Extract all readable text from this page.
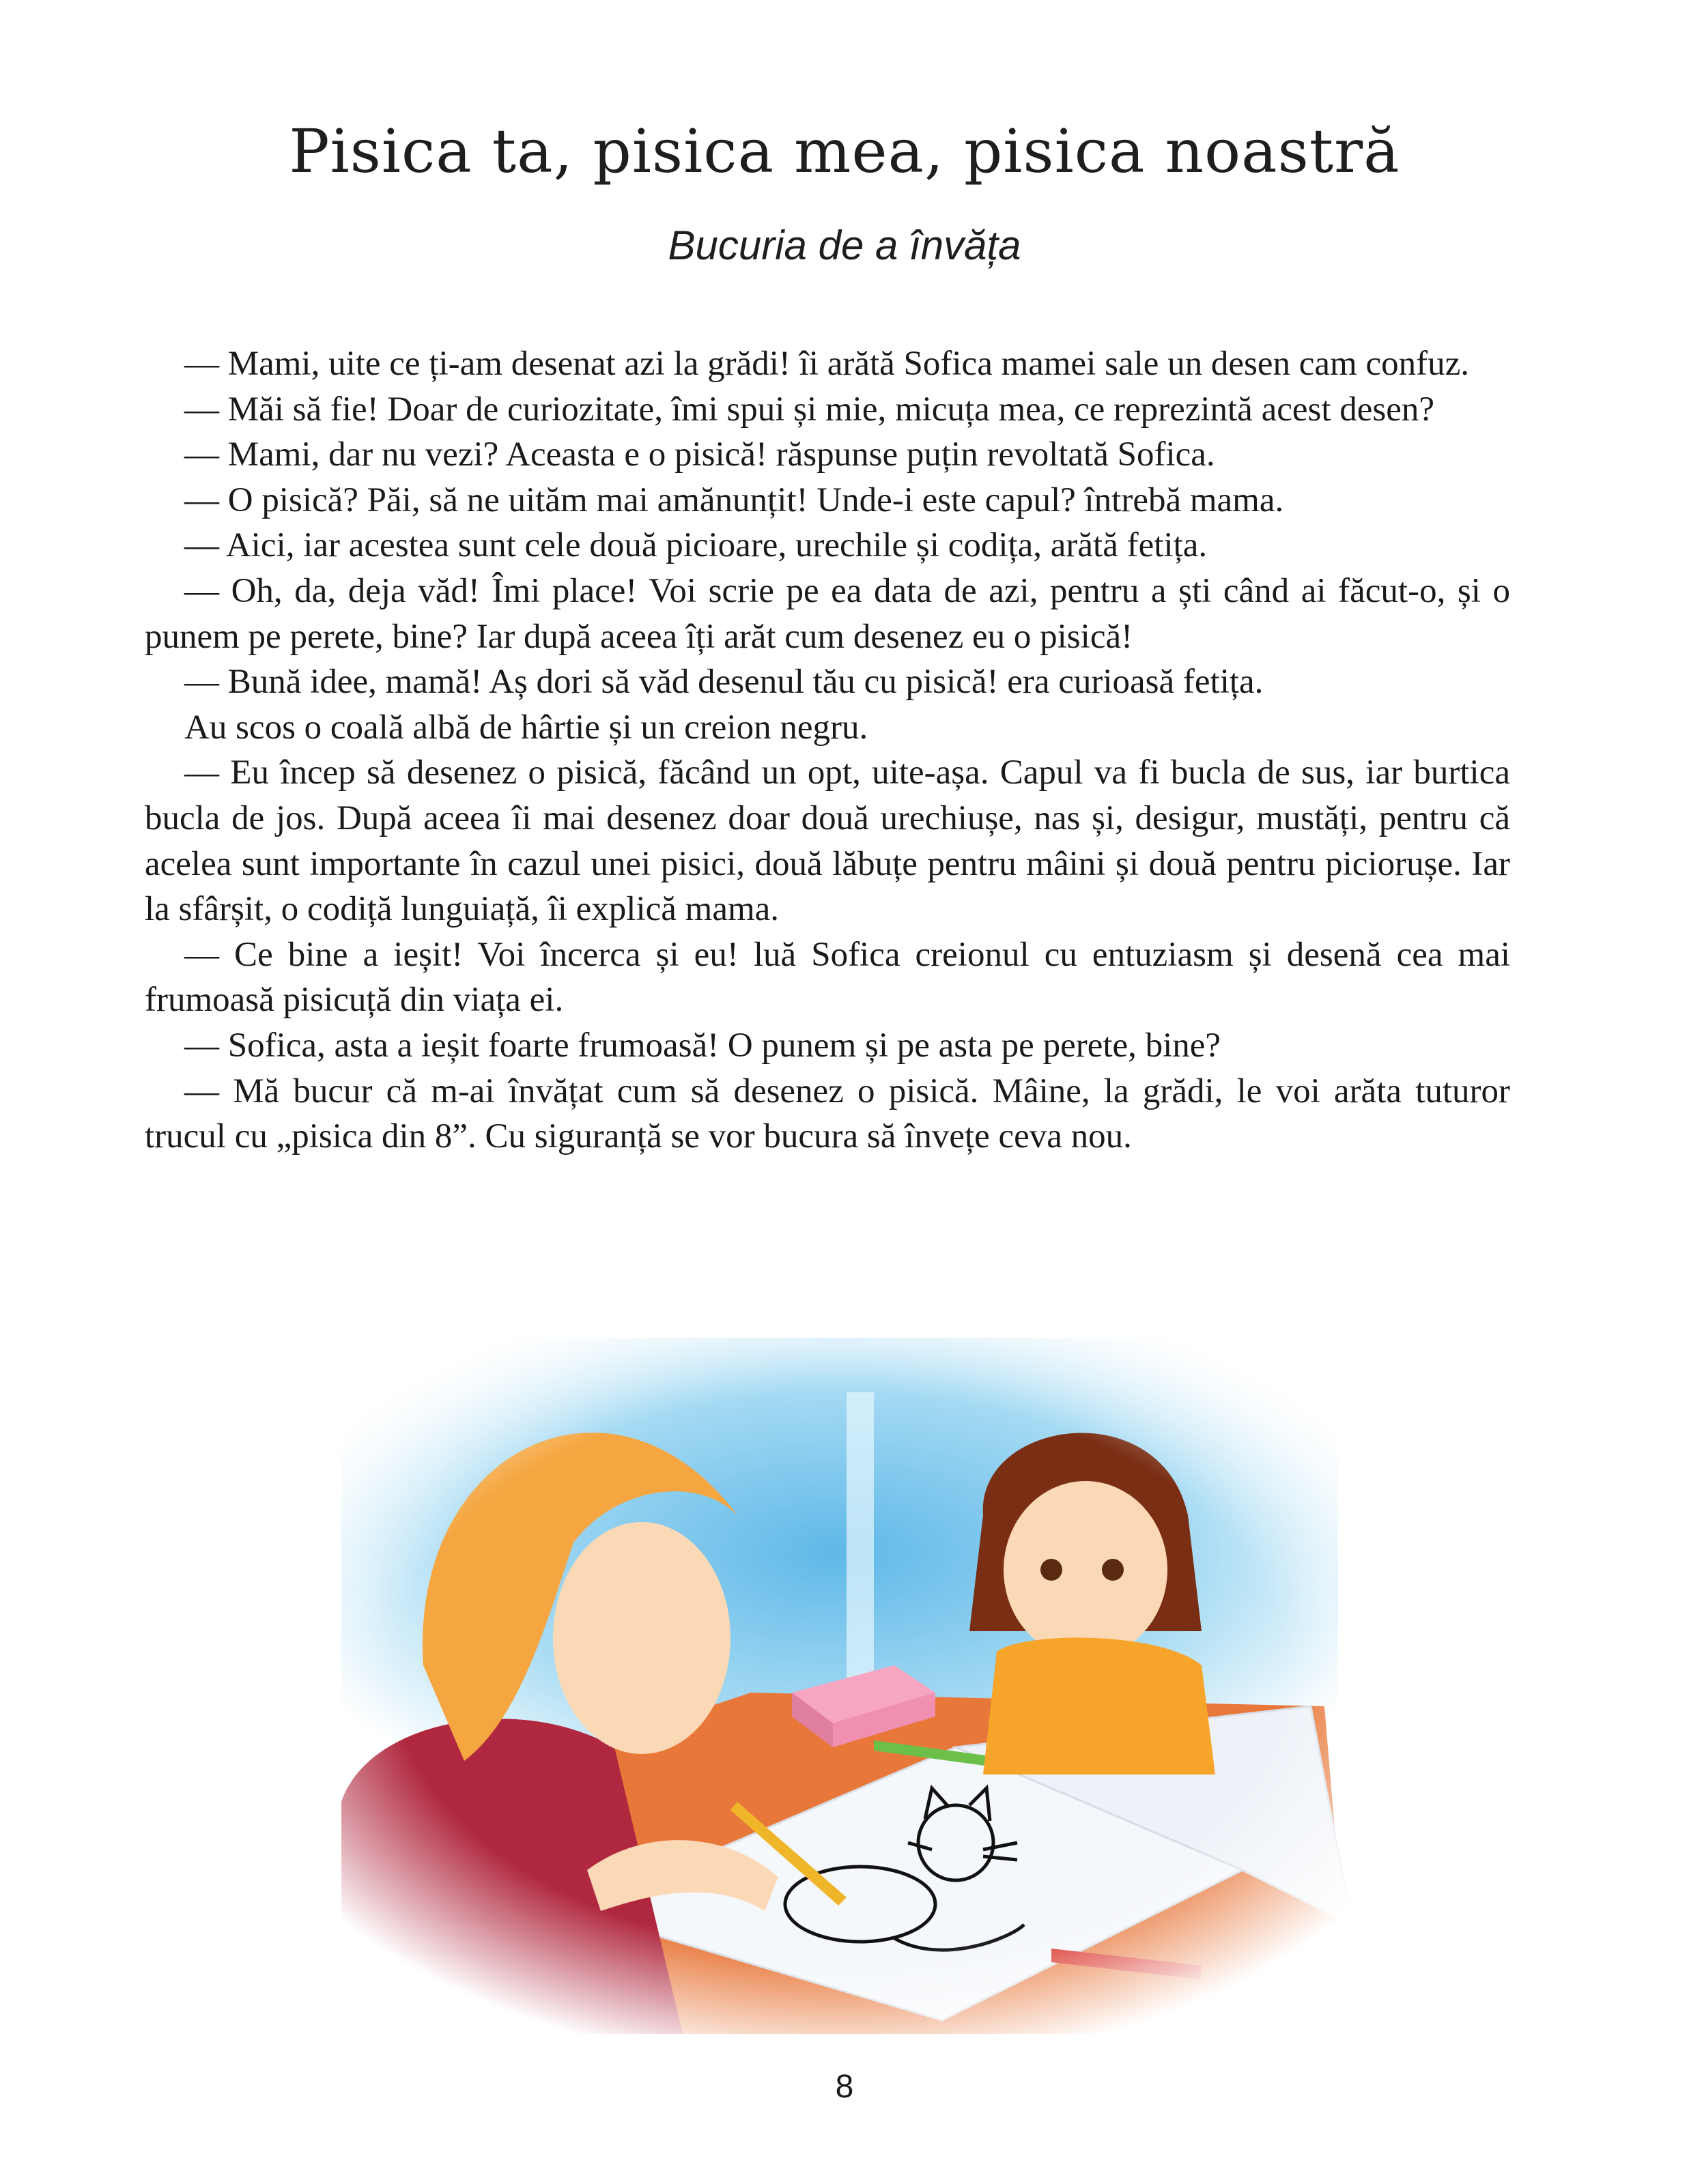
Pisica ta, pisica mea, pisica noastră
Bucuria de a învăța

— Mami, uite ce ți-am desenat azi la grădi! îi arătă Sofica mamei sale un desen cam confuz.

— Măi să fie! Doar de curiozitate, îmi spui și mie, micuța mea, ce reprezintă acest desen?

— Mami, dar nu vezi? Aceasta e o pisică! răspunse puțin revoltată Sofica.

— O pisică? Păi, să ne uităm mai amănunțit! Unde-i este capul? întrebă mama.

— Aici, iar acestea sunt cele două picioare, urechile și codița, arătă fetița.

— Oh, da, deja văd! Îmi place! Voi scrie pe ea data de azi, pentru a ști când ai făcut-o, și o punem pe perete, bine? Iar după aceea îți arăt cum desenez eu o pisică!

— Bună idee, mamă! Aș dori să văd desenul tău cu pisică! era curioasă fetița.

Au scos o coală albă de hârtie și un creion negru.

— Eu încep să desenez o pisică, făcând un opt, uite-așa. Capul va fi bucla de sus, iar burtica bucla de jos. După aceea îi mai desenez doar două urechiușe, nas și, desigur, mustăți, pentru că acelea sunt importante în cazul unei pisici, două lăbuțe pentru mâini și două pentru piciorușe. Iar la sfârșit, o codiță lunguiață, îi explică mama.

— Ce bine a ieșit! Voi încerca și eu! luă Sofica creionul cu entuziasm și desenă cea mai frumoasă pisicuță din viața ei.

— Sofica, asta a ieșit foarte frumoasă! O punem și pe asta pe perete, bine?

— Mă bucur că m-ai învățat cum să desenez o pisică. Mâine, la grădi, le voi arăta tuturor trucul cu „pisica din 8”. Cu siguranță se vor bucura să învețe ceva nou.

8
